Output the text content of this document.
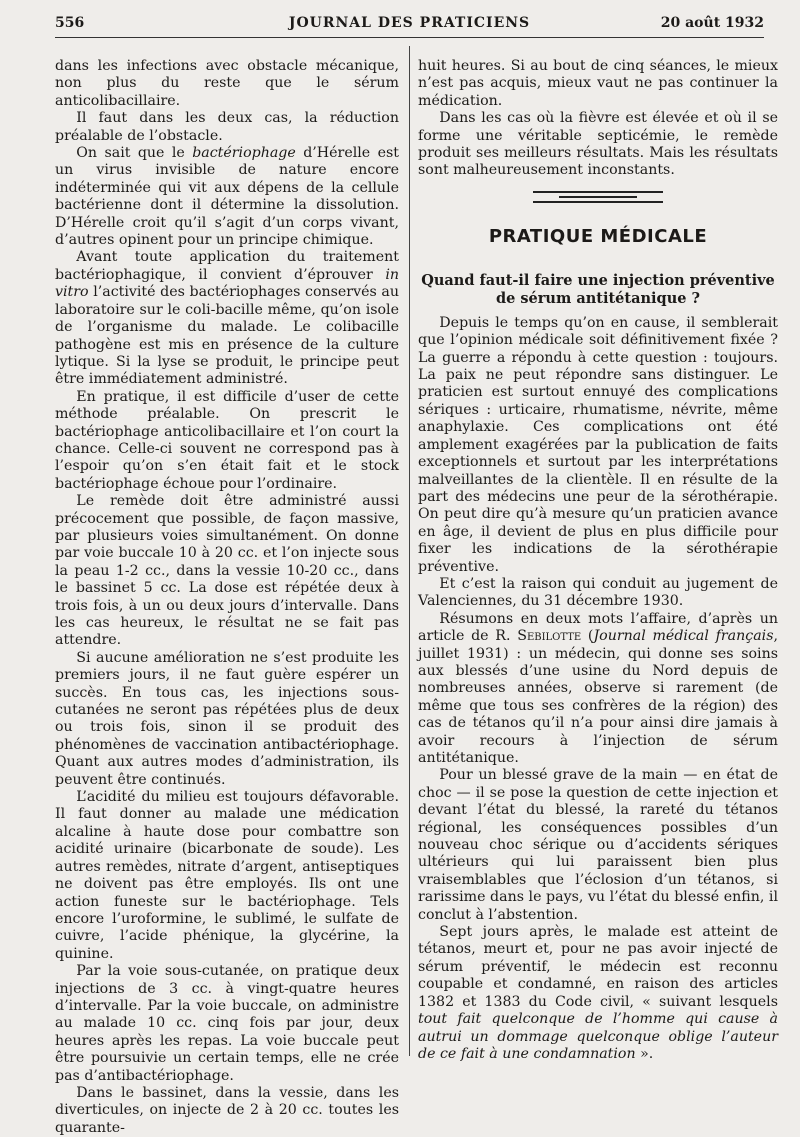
556	JOURNAL DES PRATICIENS	20 août 1932

dans les infections avec obstacle mécanique, non plus du reste que le sérum anticolibacillaire.

Il faut dans les deux cas, la réduction préalable de l’obstacle.

On sait que le bactériophage d’Hérelle est un virus invisible de nature encore indéterminée qui vit aux dépens de la cellule bactérienne dont il détermine la dissolution. D’Hérelle croit qu’il s’agit d’un corps vivant, d’autres opinent pour un principe chimique.

Avant toute application du traitement bactériophagique, il convient d’éprouver in vitro l’activité des bactériophages conservés au laboratoire sur le coli-bacille même, qu’on isole de l’organisme du malade. Le colibacille pathogène est mis en présence de la culture lytique. Si la lyse se produit, le principe peut être immédiatement administré.

En pratique, il est difficile d’user de cette méthode préalable. On prescrit le bactériophage anticolibacillaire et l’on court la chance. Celle-ci souvent ne correspond pas à l’espoir qu’on s’en était fait et le stock bactériophage échoue pour l’ordinaire.

Le remède doit être administré aussi précocement que possible, de façon massive, par plusieurs voies simultanément. On donne par voie buccale 10 à 20 cc. et l’on injecte sous la peau 1-2 cc., dans la vessie 10-20 cc., dans le bassinet 5 cc. La dose est répétée deux à trois fois, à un ou deux jours d’intervalle. Dans les cas heureux, le résultat ne se fait pas attendre.

Si aucune amélioration ne s’est produite les premiers jours, il ne faut guère espérer un succès. En tous cas, les injections sous-cutanées ne seront pas répétées plus de deux ou trois fois, sinon il se produit des phénomènes de vaccination antibactériophage. Quant aux autres modes d’administration, ils peuvent être continués.

L’acidité du milieu est toujours défavorable. Il faut donner au malade une médication alcaline à haute dose pour combattre son acidité urinaire (bicarbonate de soude). Les autres remèdes, nitrate d’argent, antiseptiques ne doivent pas être employés. Ils ont une action funeste sur le bactériophage. Tels encore l’uroformine, le sublimé, le sulfate de cuivre, l’acide phénique, la glycérine, la quinine.

Par la voie sous-cutanée, on pratique deux injections de 3 cc. à vingt-quatre heures d’intervalle. Par la voie buccale, on administre au malade 10 cc. cinq fois par jour, deux heures après les repas. La voie buccale peut être poursuivie un certain temps, elle ne crée pas d’antibactériophage.

Dans le bassinet, dans la vessie, dans les diverticules, on injecte de 2 à 20 cc. toutes les quarante-

huit heures. Si au bout de cinq séances, le mieux n’est pas acquis, mieux vaut ne pas continuer la médication.

Dans les cas où la fièvre est élevée et où il se forme une véritable septicémie, le remède produit ses meilleurs résultats. Mais les résultats sont malheureusement inconstants.

PRATIQUE MÉDICALE
Quand faut-il faire une injection préventive de sérum antitétanique ?

Depuis le temps qu’on en cause, il semblerait que l’opinion médicale soit définitivement fixée ? La guerre a répondu à cette question : toujours. La paix ne peut répondre sans distinguer. Le praticien est surtout ennuyé des complications sériques : urticaire, rhumatisme, névrite, même anaphylaxie. Ces complications ont été amplement exagérées par la publication de faits exceptionnels et surtout par les interprétations malveillantes de la clientèle. Il en résulte de la part des médecins une peur de la sérothérapie. On peut dire qu’à mesure qu’un praticien avance en âge, il devient de plus en plus difficile pour fixer les indications de la sérothérapie préventive.

Et c’est la raison qui conduit au jugement de Valenciennes, du 31 décembre 1930.

Résumons en deux mots l’affaire, d’après un article de R. Sebilotte (Journal médical français, juillet 1931) : un médecin, qui donne ses soins aux blessés d’une usine du Nord depuis de nombreuses années, observe si rarement (de même que tous ses confrères de la région) des cas de tétanos qu’il n’a pour ainsi dire jamais à avoir recours à l’injection de sérum antitétanique.

Pour un blessé grave de la main — en état de choc — il se pose la question de cette injection et devant l’état du blessé, la rareté du tétanos régional, les conséquences possibles d’un nouveau choc sérique ou d’accidents sériques ultérieurs qui lui paraissent bien plus vraisemblables que l’éclosion d’un tétanos, si rarissime dans le pays, vu l’état du blessé enfin, il conclut à l’abstention.

Sept jours après, le malade est atteint de tétanos, meurt et, pour ne pas avoir injecté de sérum préventif, le médecin est reconnu coupable et condamné, en raison des articles 1382 et 1383 du Code civil, « suivant lesquels tout fait quelconque de l’homme qui cause à autrui un dommage quelconque oblige l’auteur de ce fait à une condamnation ».
